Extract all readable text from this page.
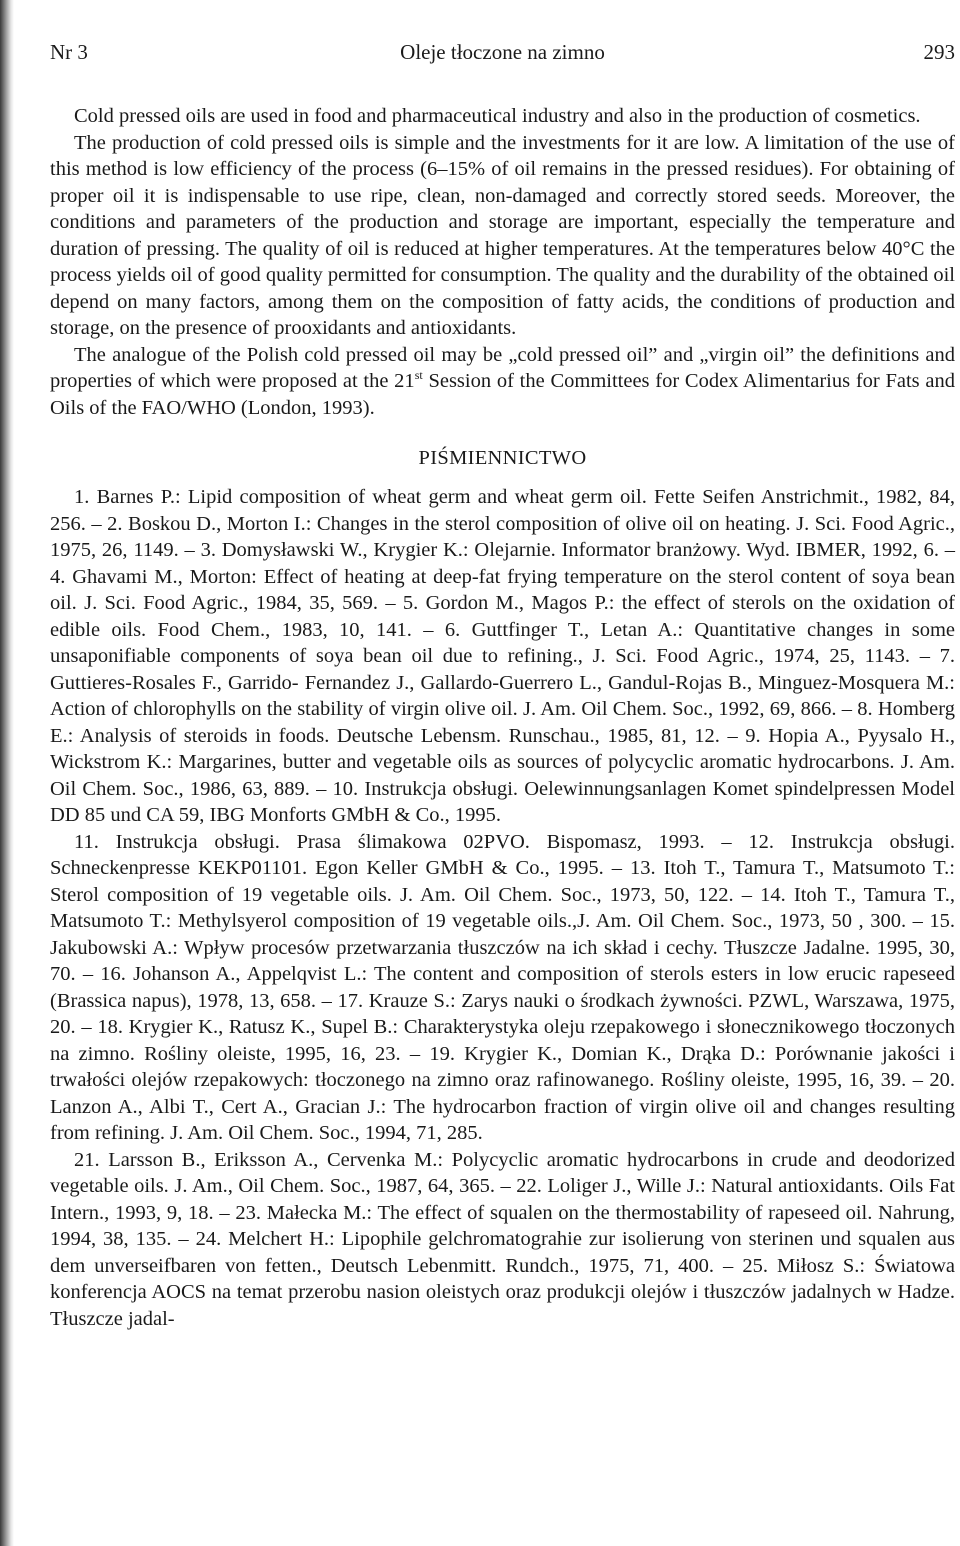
Nr 3	Oleje tłoczone na zimno	293

Cold pressed oils are used in food and pharmaceutical industry and also in the production of cosmetics.

The production of cold pressed oils is simple and the investments for it are low. A limitation of the use of this method is low efficiency of the process (6–15% of oil remains in the pressed residues). For obtaining of proper oil it is indispensable to use ripe, clean, non-damaged and correctly stored seeds. Moreover, the conditions and parameters of the production and storage are important, especially the temperature and duration of pressing. The quality of oil is reduced at higher temperatures. At the temperatures below 40°C the process yields oil of good quality permitted for consumption. The quality and the durability of the obtained oil depend on many factors, among them on the composition of fatty acids, the conditions of production and storage, on the presence of prooxidants and antioxidants.

The analogue of the Polish cold pressed oil may be „cold pressed oil” and „virgin oil” the definitions and properties of which were proposed at the 21st Session of the Committees for Codex Alimentarius for Fats and Oils of the FAO/WHO (London, 1993).

PIŚMIENNICTWO

1. Barnes P.: Lipid composition of wheat germ and wheat germ oil. Fette Seifen Anstrichmit., 1982, 84, 256. – 2. Boskou D., Morton I.: Changes in the sterol composition of olive oil on heating. J. Sci. Food Agric., 1975, 26, 1149. – 3. Domysławski W., Krygier K.: Olejarnie. Informator branżowy. Wyd. IBMER, 1992, 6. – 4. Ghavami M., Morton: Effect of heating at deep-fat frying temperature on the sterol content of soya bean oil. J. Sci. Food Agric., 1984, 35, 569. – 5. Gordon M., Magos P.: the effect of sterols on the oxidation of edible oils. Food Chem., 1983, 10, 141. – 6. Guttfinger T., Letan A.: Quantitative changes in some unsaponifiable components of soya bean oil due to refining., J. Sci. Food Agric., 1974, 25, 1143. – 7. Guttieres-Rosales F., Garrido- Fernandez J., Gallardo-Guerrero L., Gandul-Rojas B., Minguez-Mosquera M.: Action of chlorophylls on the stability of virgin olive oil. J. Am. Oil Chem. Soc., 1992, 69, 866. – 8. Homberg E.: Analysis of steroids in foods. Deutsche Lebensm. Runschau., 1985, 81, 12. – 9. Hopia A., Pyysalo H., Wickstrom K.: Margarines, butter and vegetable oils as sources of polycyclic aromatic hydrocarbons. J. Am. Oil Chem. Soc., 1986, 63, 889. – 10. Instrukcja obsługi. Oelewinnungsanlagen Komet spindelpressen Model DD 85 und CA 59, IBG Monforts GMbH & Co., 1995.

11. Instrukcja obsługi. Prasa ślimakowa 02PVO. Bispomasz, 1993. – 12. Instrukcja obsługi. Schneckenpresse KEKP01101. Egon Keller GMbH & Co., 1995. – 13. Itoh T., Tamura T., Matsumoto T.: Sterol composition of 19 vegetable oils. J. Am. Oil Chem. Soc., 1973, 50, 122. – 14. Itoh T., Tamura T., Matsumoto T.: Methylsyerol composition of 19 vegetable oils.,J. Am. Oil Chem. Soc., 1973, 50 , 300. – 15. Jakubowski A.: Wpływ procesów przetwarzania tłuszczów na ich skład i cechy. Tłuszcze Jadalne. 1995, 30, 70. – 16. Johanson A., Appelqvist L.: The content and composition of sterols esters in low erucic rapeseed (Brassica napus), 1978, 13, 658. – 17. Krauze S.: Zarys nauki o środkach żywności. PZWL, Warszawa, 1975, 20. – 18. Krygier K., Ratusz K., Supel B.: Charakterystyka oleju rzepakowego i słonecznikowego tłoczonych na zimno. Rośliny oleiste, 1995, 16, 23. – 19. Krygier K., Domian K., Drąka D.: Porównanie jakości i trwałości olejów rzepakowych: tłoczonego na zimno oraz rafinowanego. Rośliny oleiste, 1995, 16, 39. – 20. Lanzon A., Albi T., Cert A., Gracian J.: The hydrocarbon fraction of virgin olive oil and changes resulting from refining. J. Am. Oil Chem. Soc., 1994, 71, 285.

21. Larsson B., Eriksson A., Cervenka M.: Polycyclic aromatic hydrocarbons in crude and deodorized vegetable oils. J. Am., Oil Chem. Soc., 1987, 64, 365. – 22. Loliger J., Wille J.: Natural antioxidants. Oils Fat Intern., 1993, 9, 18. – 23. Małecka M.: The effect of squalen on the thermostability of rapeseed oil. Nahrung, 1994, 38, 135. – 24. Melchert H.: Lipophile gelchromatograhie zur isolierung von sterinen und squalen aus dem unverseifbaren von fetten., Deutsch Lebenmitt. Rundch., 1975, 71, 400. – 25. Miłosz S.: Światowa konferencja AOCS na temat przerobu nasion oleistych oraz produkcji olejów i tłuszczów jadalnych w Hadze. Tłuszcze jadal-
